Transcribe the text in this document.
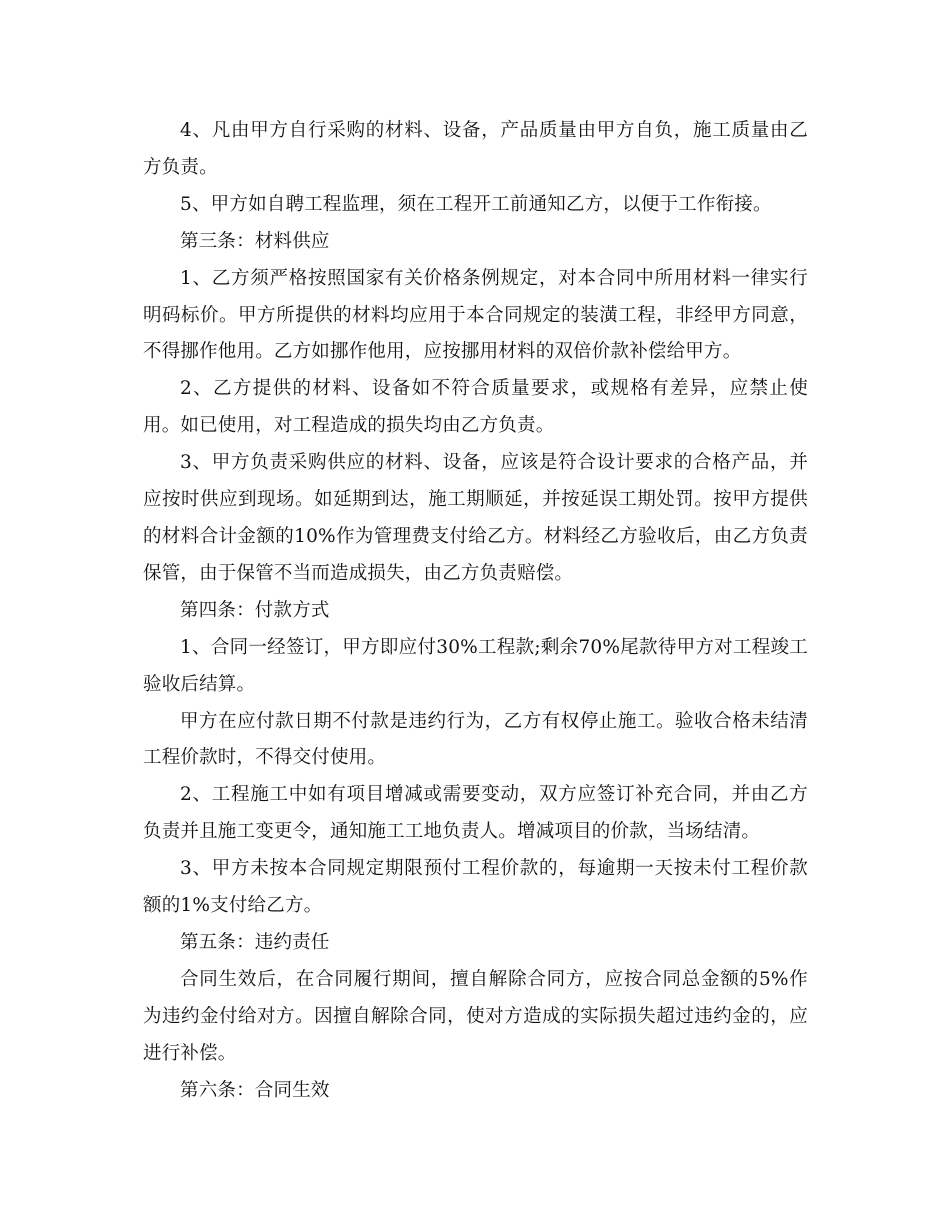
4、凡由甲方自行采购的材料、设备，产品质量由甲方自负，施工质量由乙方负责。

5、甲方如自聘工程监理，须在工程开工前通知乙方，以便于工作衔接。

第三条：材料供应

1、乙方须严格按照国家有关价格条例规定，对本合同中所用材料一律实行明码标价。甲方所提供的材料均应用于本合同规定的装潢工程，非经甲方同意，不得挪作他用。乙方如挪作他用，应按挪用材料的双倍价款补偿给甲方。

2、乙方提供的材料、设备如不符合质量要求，或规格有差异，应禁止使用。如已使用，对工程造成的损失均由乙方负责。

3、甲方负责采购供应的材料、设备，应该是符合设计要求的合格产品，并应按时供应到现场。如延期到达，施工期顺延，并按延误工期处罚。按甲方提供的材料合计金额的10%作为管理费支付给乙方。材料经乙方验收后，由乙方负责保管，由于保管不当而造成损失，由乙方负责赔偿。

第四条：付款方式

1、合同一经签订，甲方即应付30%工程款;剩余70%尾款待甲方对工程竣工验收后结算。

甲方在应付款日期不付款是违约行为，乙方有权停止施工。验收合格未结清工程价款时，不得交付使用。

2、工程施工中如有项目增减或需要变动，双方应签订补充合同，并由乙方负责并且施工变更令，通知施工工地负责人。增减项目的价款，当场结清。

3、甲方未按本合同规定期限预付工程价款的，每逾期一天按未付工程价款额的1%支付给乙方。

第五条：违约责任

合同生效后，在合同履行期间，擅自解除合同方，应按合同总金额的5%作为违约金付给对方。因擅自解除合同，使对方造成的实际损失超过违约金的，应进行补偿。

第六条：合同生效
